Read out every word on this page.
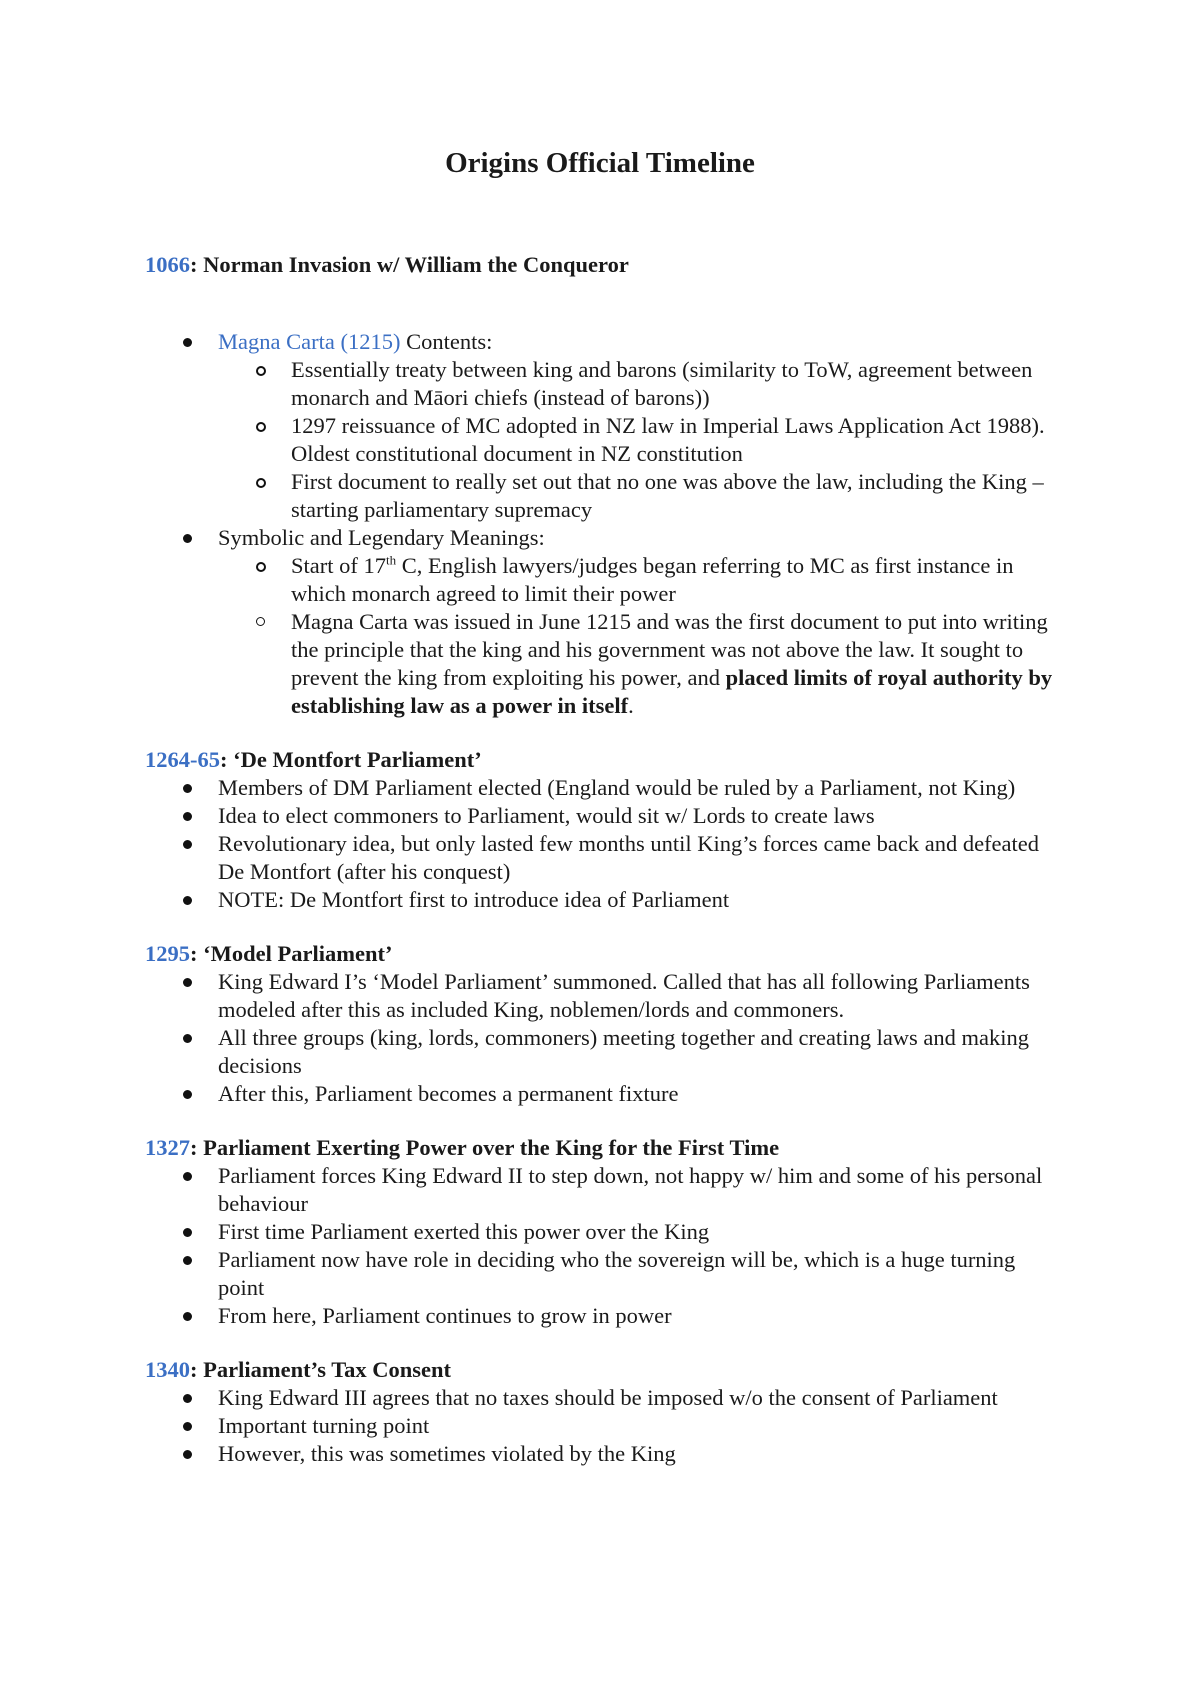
Origins Official Timeline
1066: Norman Invasion w/ William the Conqueror
Magna Carta (1215) Contents:
Essentially treaty between king and barons (similarity to ToW, agreement between monarch and Māori chiefs (instead of barons))
1297 reissuance of MC adopted in NZ law in Imperial Laws Application Act 1988). Oldest constitutional document in NZ constitution
First document to really set out that no one was above the law, including the King – starting parliamentary supremacy
Symbolic and Legendary Meanings:
Start of 17th C, English lawyers/judges began referring to MC as first instance in which monarch agreed to limit their power
Magna Carta was issued in June 1215 and was the first document to put into writing the principle that the king and his government was not above the law. It sought to prevent the king from exploiting his power, and placed limits of royal authority by establishing law as a power in itself.
1264-65: ‘De Montfort Parliament’
Members of DM Parliament elected (England would be ruled by a Parliament, not King)
Idea to elect commoners to Parliament, would sit w/ Lords to create laws
Revolutionary idea, but only lasted few months until King’s forces came back and defeated De Montfort (after his conquest)
NOTE: De Montfort first to introduce idea of Parliament
1295: ‘Model Parliament’
King Edward I’s ‘Model Parliament’ summoned. Called that has all following Parliaments modeled after this as included King, noblemen/lords and commoners.
All three groups (king, lords, commoners) meeting together and creating laws and making decisions
After this, Parliament becomes a permanent fixture
1327: Parliament Exerting Power over the King for the First Time
Parliament forces King Edward II to step down, not happy w/ him and some of his personal behaviour
First time Parliament exerted this power over the King
Parliament now have role in deciding who the sovereign will be, which is a huge turning point
From here, Parliament continues to grow in power
1340: Parliament’s Tax Consent
King Edward III agrees that no taxes should be imposed w/o the consent of Parliament
Important turning point
However, this was sometimes violated by the King
